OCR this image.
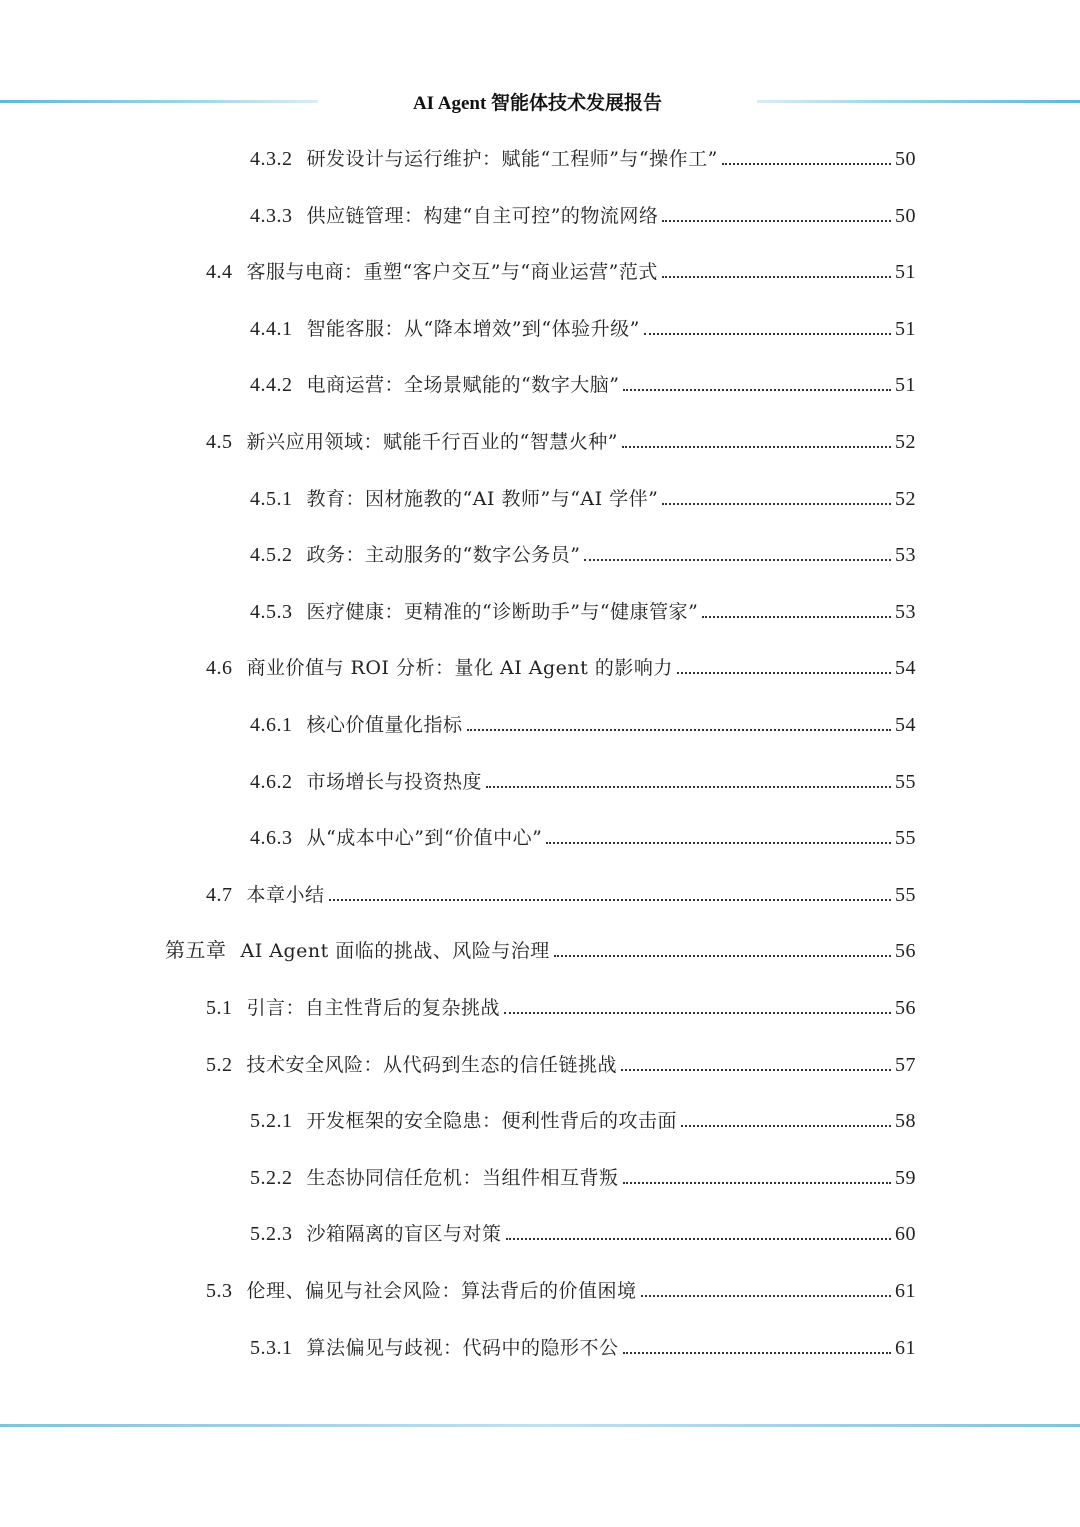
AI Agent 智能体技术发展报告
4.3.2 研发设计与运行维护：赋能“工程师”与“操作工”	50
4.3.3 供应链管理：构建“自主可控”的物流网络	50
4.4 客服与电商：重塑“客户交互”与“商业运营”范式	51
4.4.1 智能客服：从“降本增效”到“体验升级”	51
4.4.2 电商运营：全场景赋能的“数字大脑”	51
4.5 新兴应用领域：赋能千行百业的“智慧火种”	52
4.5.1 教育：因材施教的“AI 教师”与“AI 学伴”	52
4.5.2 政务：主动服务的“数字公务员”	53
4.5.3 医疗健康：更精准的“诊断助手”与“健康管家”	53
4.6 商业价值与 ROI 分析：量化 AI Agent 的影响力	54
4.6.1 核心价值量化指标	54
4.6.2 市场增长与投资热度	55
4.6.3 从“成本中心”到“价值中心”	55
4.7 本章小结	55
第五章 AI Agent 面临的挑战、风险与治理	56
5.1 引言：自主性背后的复杂挑战	56
5.2 技术安全风险：从代码到生态的信任链挑战	57
5.2.1 开发框架的安全隐患：便利性背后的攻击面	58
5.2.2 生态协同信任危机：当组件相互背叛	59
5.2.3 沙箱隔离的盲区与对策	60
5.3 伦理、偏见与社会风险：算法背后的价值困境	61
5.3.1 算法偏见与歧视：代码中的隐形不公	61
